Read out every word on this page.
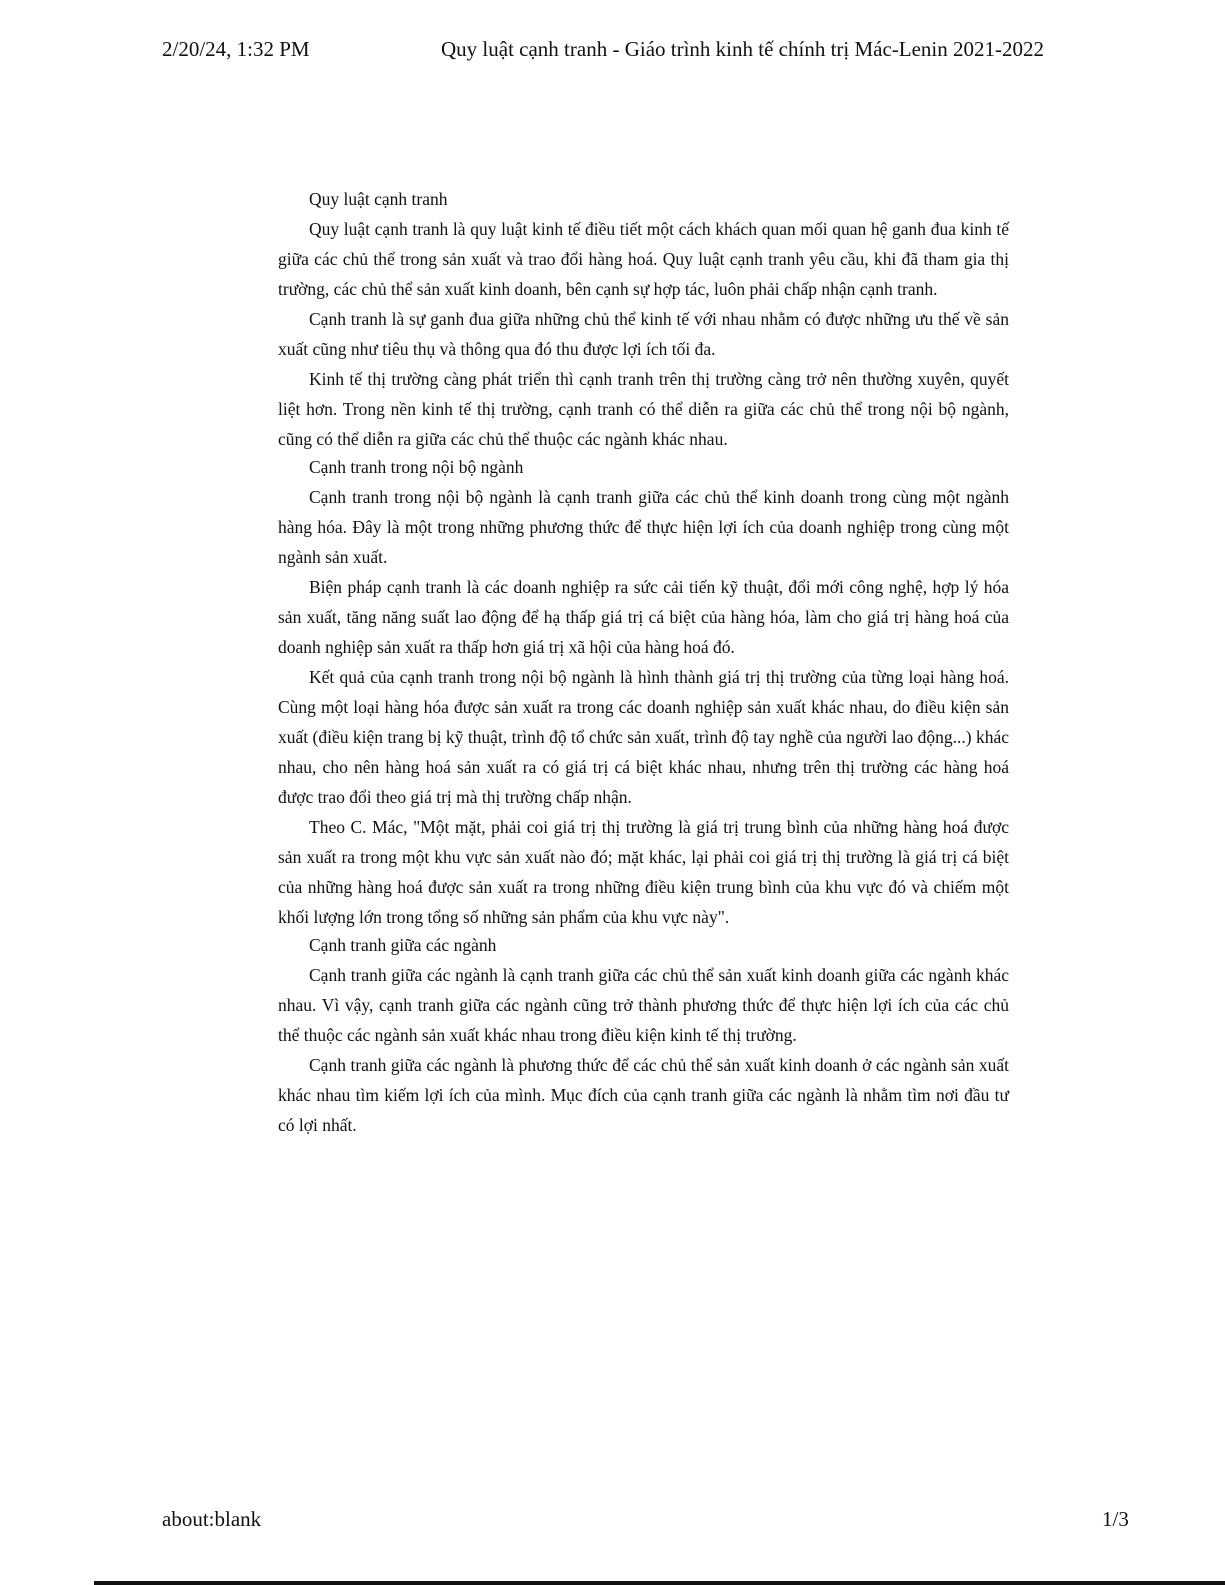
2/20/24, 1:32 PM	Quy luật cạnh tranh - Giáo trình kinh tế chính trị Mác-Lenin 2021-2022

Quy luật cạnh tranh

Quy luật cạnh tranh là quy luật kinh tế điều tiết một cách khách quan mối quan hệ ganh đua kinh tế giữa các chủ thể trong sản xuất và trao đổi hàng hoá. Quy luật cạnh tranh yêu cầu, khi đã tham gia thị trường, các chủ thể sản xuất kinh doanh, bên cạnh sự hợp tác, luôn phải chấp nhận cạnh tranh.

Cạnh tranh là sự ganh đua giữa những chủ thể kinh tế với nhau nhằm có được những ưu thế về sản xuất cũng như tiêu thụ và thông qua đó thu được lợi ích tối đa.

Kinh tế thị trường càng phát triển thì cạnh tranh trên thị trường càng trở nên thường xuyên, quyết liệt hơn. Trong nền kinh tế thị trường, cạnh tranh có thể diễn ra giữa các chủ thể trong nội bộ ngành, cũng có thể diễn ra giữa các chủ thể thuộc các ngành khác nhau.

Cạnh tranh trong nội bộ ngành

Cạnh tranh trong nội bộ ngành là cạnh tranh giữa các chủ thể kinh doanh trong cùng một ngành hàng hóa. Đây là một trong những phương thức để thực hiện lợi ích của doanh nghiệp trong cùng một ngành sản xuất.

Biện pháp cạnh tranh là các doanh nghiệp ra sức cải tiến kỹ thuật, đổi mới công nghệ, hợp lý hóa sản xuất, tăng năng suất lao động để hạ thấp giá trị cá biệt của hàng hóa, làm cho giá trị hàng hoá của doanh nghiệp sản xuất ra thấp hơn giá trị xã hội của hàng hoá đó.

Kết quả của cạnh tranh trong nội bộ ngành là hình thành giá trị thị trường của từng loại hàng hoá. Cùng một loại hàng hóa được sản xuất ra trong các doanh nghiệp sản xuất khác nhau, do điều kiện sản xuất (điều kiện trang bị kỹ thuật, trình độ tổ chức sản xuất, trình độ tay nghề của người lao động...) khác nhau, cho nên hàng hoá sản xuất ra có giá trị cá biệt khác nhau, nhưng trên thị trường các hàng hoá được trao đổi theo giá trị mà thị trường chấp nhận.

Theo C. Mác, "Một mặt, phải coi giá trị thị trường là giá trị trung bình của những hàng hoá được sản xuất ra trong một khu vực sản xuất nào đó; mặt khác, lại phải coi giá trị thị trường là giá trị cá biệt của những hàng hoá được sản xuất ra trong những điều kiện trung bình của khu vực đó và chiếm một khối lượng lớn trong tổng số những sản phẩm của khu vực này".

Cạnh tranh giữa các ngành

Cạnh tranh giữa các ngành là cạnh tranh giữa các chủ thể sản xuất kinh doanh giữa các ngành khác nhau. Vì vậy, cạnh tranh giữa các ngành cũng trở thành phương thức để thực hiện lợi ích của các chủ thể thuộc các ngành sản xuất khác nhau trong điều kiện kinh tế thị trường.

Cạnh tranh giữa các ngành là phương thức để các chủ thể sản xuất kinh doanh ở các ngành sản xuất khác nhau tìm kiếm lợi ích của mình. Mục đích của cạnh tranh giữa các ngành là nhằm tìm nơi đầu tư có lợi nhất.

about:blank	1/3
